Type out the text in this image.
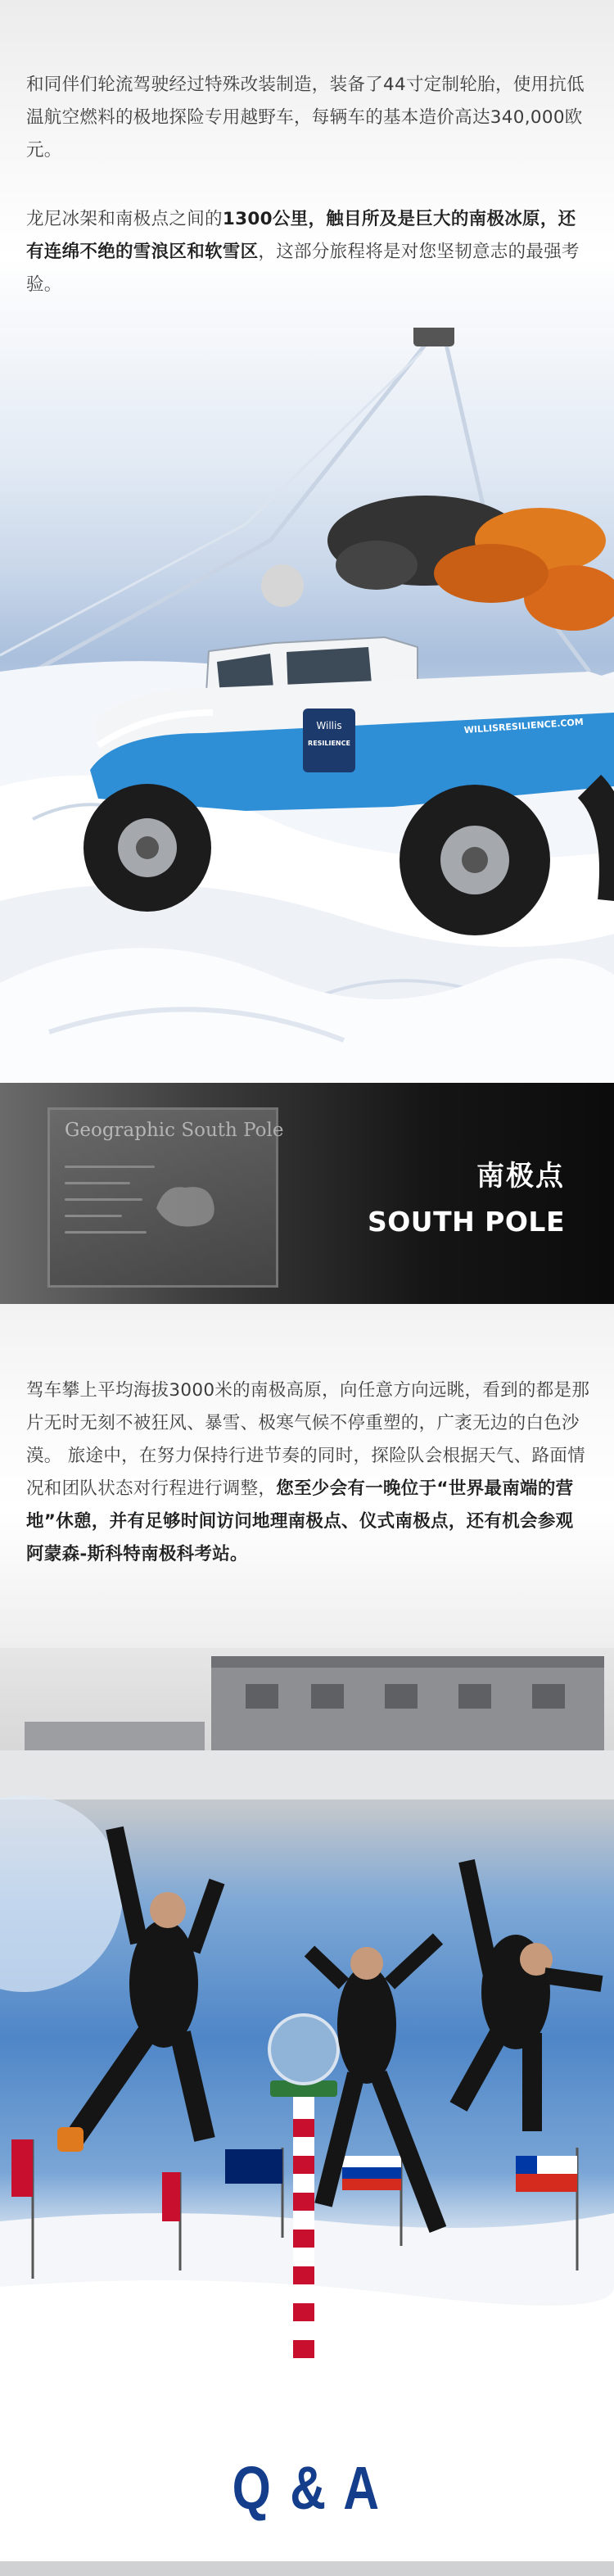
和同伴们轮流驾驶经过特殊改装制造，装备了44寸定制轮胎，使用抗低温航空燃料的极地探险专用越野车，每辆车的基本造价高达340,000欧元。

龙尼冰架和南极点之间的1300公里，触目所及是巨大的南极冰原，还有连绵不绝的雪浪区和软雪区，这部分旅程将是对您坚韧意志的最强考验。

Willis
RESILIENCE
WILLISRESILIENCE.COM
Geographic South Pole
南极点
SOUTH POLE

驾车攀上平均海拔3000米的南极高原，向任意方向远眺，看到的都是那片无时无刻不被狂风、暴雪、极寒气候不停重塑的，广袤无边的白色沙漠。 旅途中，在努力保持行进节奏的同时，探险队会根据天气、路面情况和团队状态对行程进行调整，您至少会有一晚位于“世界最南端的营地”休憩，并有足够时间访问地理南极点、仪式南极点，还有机会参观阿蒙森-斯科特南极科考站。

Q & A
